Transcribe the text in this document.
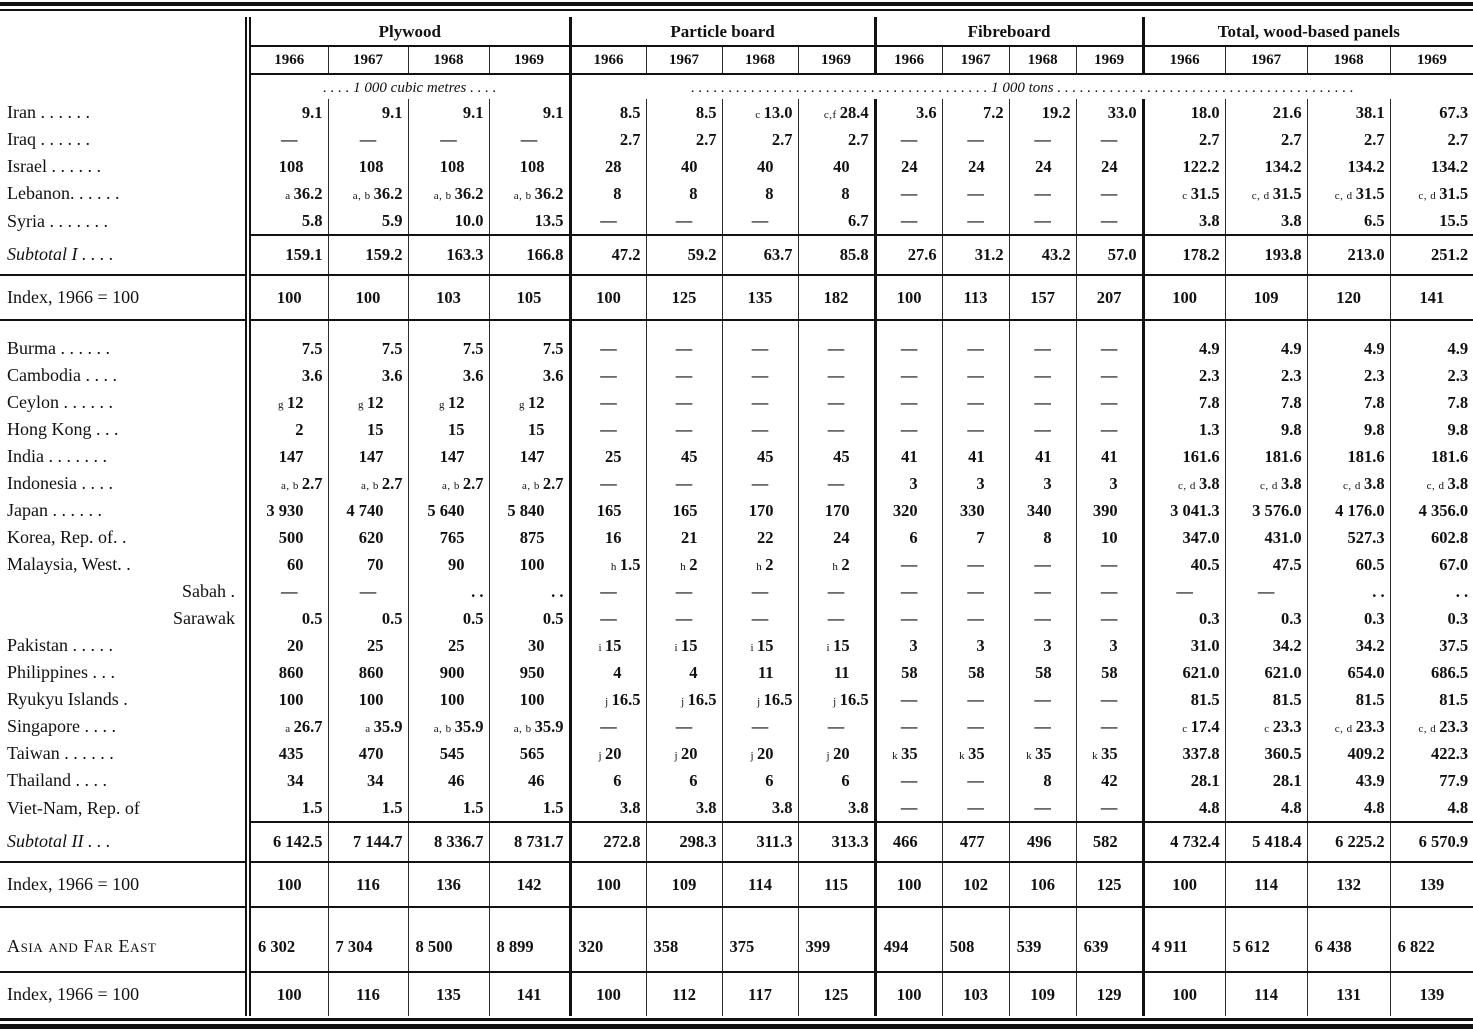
	Plywood				Particle board				Fibreboard				Total, wood-based panels			
	1966	1967	1968	1969	1966	1967	1968	1969	1966	1967	1968	1969	1966	1967	1968	1969
	. . . . 1 000 cubic metres . . . .				. . . . . . . . . . . . . . . . . . . . . . . . . . . . . . . . . . . . . . . . 1 000 tons . . . . . . . . . . . . . . . . . . . . . . . . . . . . . . . . . . . . . . . .											
Iran . . . . . .	9.1	9.1	9.1	9.1	8.5	8.5	c 13.0	c,f 28.4	3.6	7.2	19.2	33.0	18.0	21.6	38.1	67.3
Iraq . . . . . .	—	—	—	—	2.7	2.7	2.7	2.7	—	—	—	—	2.7	2.7	2.7	2.7
Israel . . . . . .	108	108	108	108	28	40	40	40	24	24	24	24	122.2	134.2	134.2	134.2
Lebanon. . . . . .	a 36.2	a, b 36.2	a, b 36.2	a, b 36.2	8	8	8	8	—	—	—	—	c 31.5	c, d 31.5	c, d 31.5	c, d 31.5
Syria . . . . . . .	5.8	5.9	10.0	13.5	—	—	—	6.7	—	—	—	—	3.8	3.8	6.5	15.5
Subtotal I . . . .	159.1	159.2	163.3	166.8	47.2	59.2	63.7	85.8	27.6	31.2	43.2	57.0	178.2	193.8	213.0	251.2
Index, 1966 = 100	100	100	103	105	100	125	135	182	100	113	157	207	100	109	120	141

Burma . . . . . .	7.5	7.5	7.5	7.5	—	—	—	—	—	—	—	—	4.9	4.9	4.9	4.9
Cambodia . . . .	3.6	3.6	3.6	3.6	—	—	—	—	—	—	—	—	2.3	2.3	2.3	2.3
Ceylon . . . . . .	g 12	g 12	g 12	g 12	—	—	—	—	—	—	—	—	7.8	7.8	7.8	7.8
Hong Kong . . .	2	15	15	15	—	—	—	—	—	—	—	—	1.3	9.8	9.8	9.8
India . . . . . . .	147	147	147	147	25	45	45	45	41	41	41	41	161.6	181.6	181.6	181.6
Indonesia . . . .	a, b 2.7	a, b 2.7	a, b 2.7	a, b 2.7	—	—	—	—	3	3	3	3	c, d 3.8	c, d 3.8	c, d 3.8	c, d 3.8
Japan . . . . . .	3 930	4 740	5 640	5 840	165	165	170	170	320	330	340	390	3 041.3	3 576.0	4 176.0	4 356.0
Korea, Rep. of. .	500	620	765	875	16	21	22	24	6	7	8	10	347.0	431.0	527.3	602.8
Malaysia, West. .	60	70	90	100	h 1.5	h 2	h 2	h 2	—	—	—	—	40.5	47.5	60.5	67.0
Sabah .	—	—	. .	. .	—	—	—	—	—	—	—	—	—	—	. .	. .
Sarawak	0.5	0.5	0.5	0.5	—	—	—	—	—	—	—	—	0.3	0.3	0.3	0.3
Pakistan . . . . .	20	25	25	30	i 15	i 15	i 15	i 15	3	3	3	3	31.0	34.2	34.2	37.5
Philippines . . .	860	860	900	950	4	4	11	11	58	58	58	58	621.0	621.0	654.0	686.5
Ryukyu Islands .	100	100	100	100	j 16.5	j 16.5	j 16.5	j 16.5	—	—	—	—	81.5	81.5	81.5	81.5
Singapore . . . .	a 26.7	a 35.9	a, b 35.9	a, b 35.9	—	—	—	—	—	—	—	—	c 17.4	c 23.3	c, d 23.3	c, d 23.3
Taiwan . . . . . .	435	470	545	565	j 20	j 20	j 20	j 20	k 35	k 35	k 35	k 35	337.8	360.5	409.2	422.3
Thailand . . . .	34	34	46	46	6	6	6	6	—	—	8	42	28.1	28.1	43.9	77.9
Viet-Nam, Rep. of	1.5	1.5	1.5	1.5	3.8	3.8	3.8	3.8	—	—	—	—	4.8	4.8	4.8	4.8
Subtotal II . . .	6 142.5	7 144.7	8 336.7	8 731.7	272.8	298.3	311.3	313.3	466	477	496	582	4 732.4	5 418.4	6 225.2	6 570.9
Index, 1966 = 100	100	116	136	142	100	109	114	115	100	102	106	125	100	114	132	139

Asia and Far East	6 302	7 304	8 500	8 899	320	358	375	399	494	508	539	639	4 911	5 612	6 438	6 822
Index, 1966 = 100	100	116	135	141	100	112	117	125	100	103	109	129	100	114	131	139
